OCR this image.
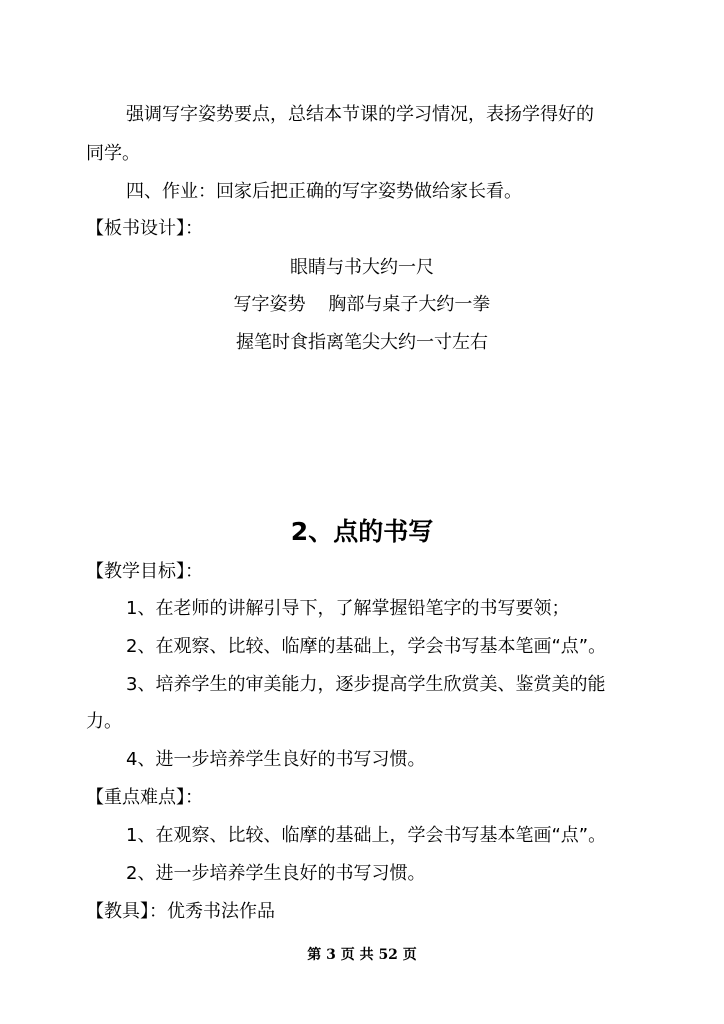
强调写字姿势要点，总结本节课的学习情况，表扬学得好的
同学。
四、作业：回家后把正确的写字姿势做给家长看。
【板书设计】：
眼睛与书大约一尺
写字姿势    胸部与桌子大约一拳
握笔时食指离笔尖大约一寸左右
2、点的书写
【教学目标】：
1、在老师的讲解引导下，了解掌握铅笔字的书写要领；
2、在观察、比较、临摩的基础上，学会书写基本笔画“点”。
3、培养学生的审美能力，逐步提高学生欣赏美、鉴赏美的能
力。
4、进一步培养学生良好的书写习惯。
【重点难点】：
1、在观察、比较、临摩的基础上，学会书写基本笔画“点”。
2、进一步培养学生良好的书写习惯。
【教具】：优秀书法作品
第 3 页 共 52 页
